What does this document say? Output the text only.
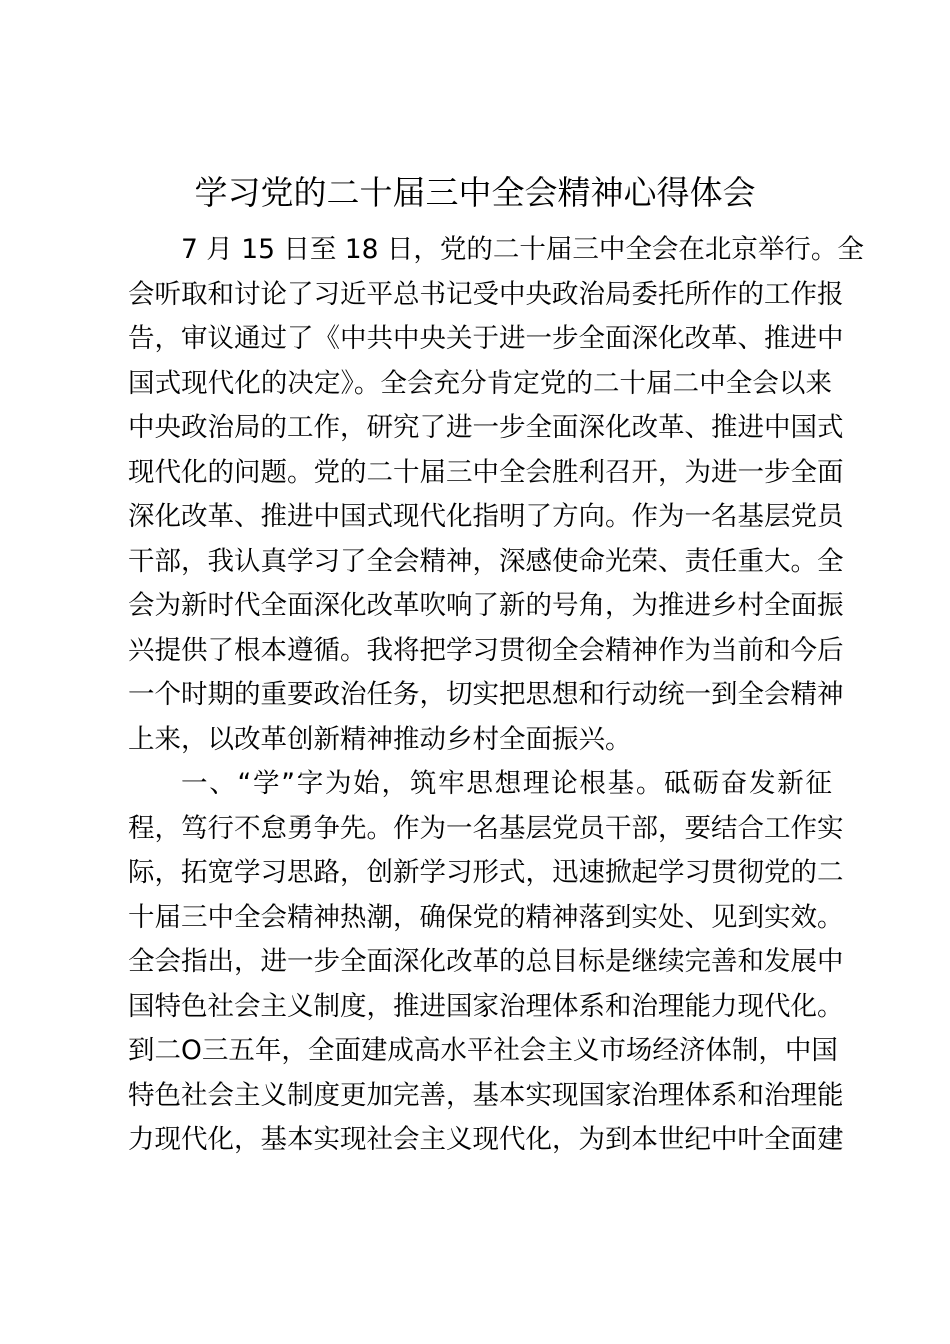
学习党的二十届三中全会精神心得体会
7 月 15 日至 18 日，党的二十届三中全会在北京举行。全
会听取和讨论了习近平总书记受中央政治局委托所作的工作报
告，审议通过了《中共中央关于进一步全面深化改革、推进中
国式现代化的决定》。全会充分肯定党的二十届二中全会以来
中央政治局的工作，研究了进一步全面深化改革、推进中国式
现代化的问题。党的二十届三中全会胜利召开，为进一步全面
深化改革、推进中国式现代化指明了方向。作为一名基层党员
干部，我认真学习了全会精神，深感使命光荣、责任重大。全
会为新时代全面深化改革吹响了新的号角，为推进乡村全面振
兴提供了根本遵循。我将把学习贯彻全会精神作为当前和今后
一个时期的重要政治任务，切实把思想和行动统一到全会精神
上来，以改革创新精神推动乡村全面振兴。
一、“学”字为始，筑牢思想理论根基。砥砺奋发新征
程，笃行不怠勇争先。作为一名基层党员干部，要结合工作实
际，拓宽学习思路，创新学习形式，迅速掀起学习贯彻党的二
十届三中全会精神热潮，确保党的精神落到实处、见到实效。
全会指出，进一步全面深化改革的总目标是继续完善和发展中
国特色社会主义制度，推进国家治理体系和治理能力现代化。
到二O三五年，全面建成高水平社会主义市场经济体制，中国
特色社会主义制度更加完善，基本实现国家治理体系和治理能
力现代化，基本实现社会主义现代化，为到本世纪中叶全面建
